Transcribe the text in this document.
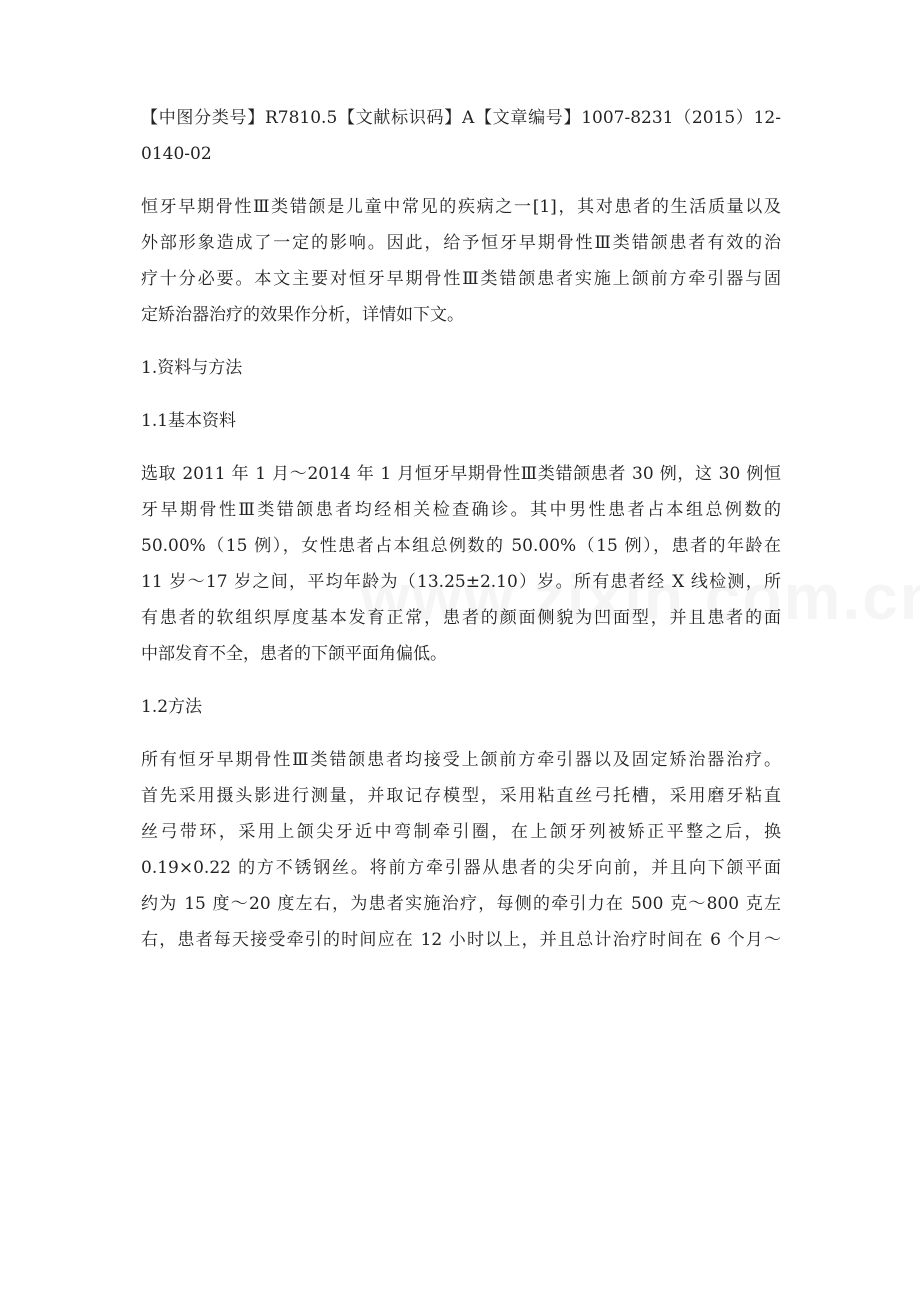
【中图分类号】R7810.5【文献标识码】A【文章编号】1007-8231（2015）12-
0140-02
恒牙早期骨性Ⅲ类错颌是儿童中常见的疾病之一[1]，其对患者的生活质量以及
外部形象造成了一定的影响。因此，给予恒牙早期骨性Ⅲ类错颌患者有效的治
疗十分必要。本文主要对恒牙早期骨性Ⅲ类错颌患者实施上颌前方牵引器与固
定矫治器治疗的效果作分析，详情如下文。
1.资料与方法
1.1基本资料
选取 2011 年 1 月～2014 年 1 月恒牙早期骨性Ⅲ类错颌患者 30 例，这 30 例恒
牙早期骨性Ⅲ类错颌患者均经相关检查确诊。其中男性患者占本组总例数的
50.00%（15 例），女性患者占本组总例数的 50.00%（15 例），患者的年龄在
11 岁～17 岁之间，平均年龄为（13.25±2.10）岁。所有患者经 X 线检测，所
有患者的软组织厚度基本发育正常，患者的颜面侧貌为凹面型，并且患者的面
中部发育不全，患者的下颌平面角偏低。
1.2方法
所有恒牙早期骨性Ⅲ类错颌患者均接受上颌前方牵引器以及固定矫治器治疗。
首先采用摄头影进行测量，并取记存模型，采用粘直丝弓托槽，采用磨牙粘直
丝弓带环，采用上颌尖牙近中弯制牵引圈，在上颌牙列被矫正平整之后，换
0.19×0.22 的方不锈钢丝。将前方牵引器从患者的尖牙向前，并且向下颌平面
约为 15 度～20 度左右，为患者实施治疗，每侧的牵引力在 500 克～800 克左
右，患者每天接受牵引的时间应在 12 小时以上，并且总计治疗时间在 6 个月～
